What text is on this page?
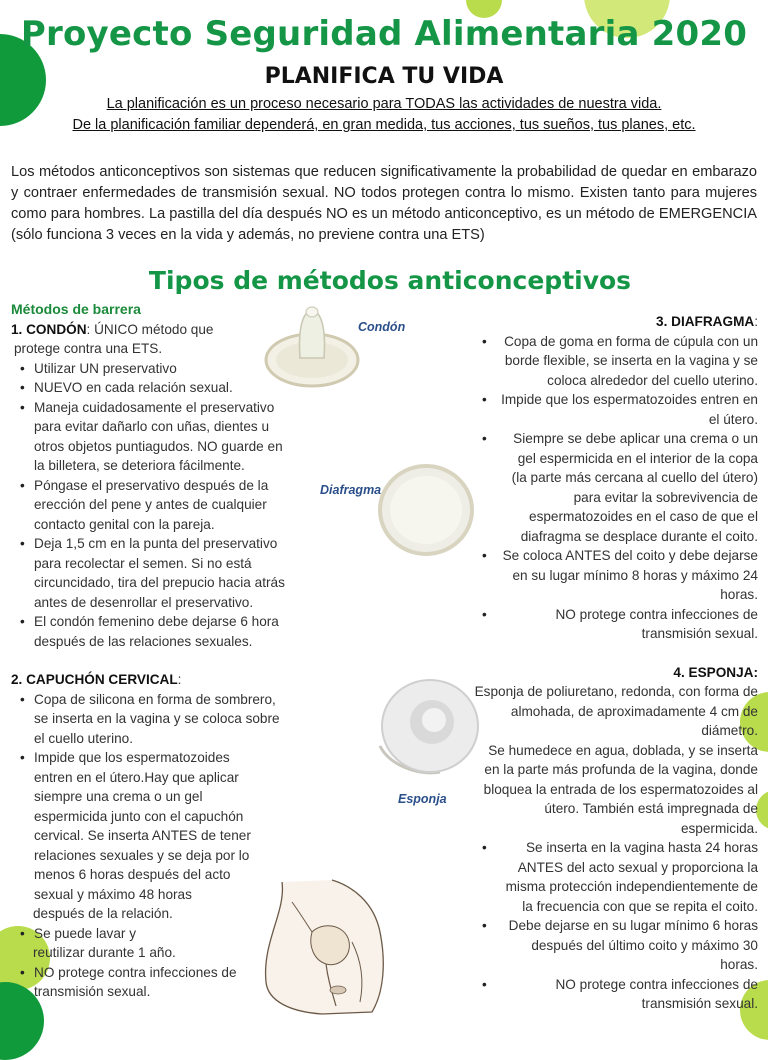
Proyecto Seguridad Alimentaria 2020
PLANIFICA TU VIDA
La planificación es un proceso necesario para TODAS las actividades de nuestra vida.
De la planificación familiar dependerá, en gran medida, tus acciones, tus sueños, tus planes, etc.
Los métodos anticonceptivos son sistemas que reducen significativamente la probabilidad de quedar en embarazo y contraer enfermedades de transmisión sexual. NO todos protegen contra lo mismo. Existen tanto para mujeres como para hombres. La pastilla del día después NO es un método anticonceptivo, es un método de EMERGENCIA (sólo funciona 3 veces en la vida y además, no previene contra una ETS)
Tipos de métodos anticonceptivos
Métodos de barrera
1. CONDÓN: ÚNICO método que
protege contra una ETS.
• Utilizar UN preservativo
• NUEVO en cada relación sexual.
• Maneja cuidadosamente el preservativo para evitar dañarlo con uñas, dientes u otros objetos puntiagudos. NO guarde en la billetera, se deteriora fácilmente.
• Póngase el preservativo después de la erección del pene y antes de cualquier contacto genital con la pareja.
• Deja 1,5 cm en la punta del preservativo para recolectar el semen. Si no está circuncidado, tira del prepucio hacia atrás antes de desenrollar el preservativo.
• El condón femenino debe dejarse 6 hora después de las relaciones sexuales.
2. CAPUCHÓN CERVICAL:
• Copa de silicona en forma de sombrero, se inserta en la vagina y se coloca sobre el cuello uterino.
• Impide que los espermatozoides entren en el útero.Hay que aplicar siempre una crema o un gel espermicida junto con el capuchón cervical. Se inserta ANTES de tener relaciones sexuales y se deja por lo menos 6 horas después del acto sexual y máximo 48 horas
después de la relación.
• Se puede lavar y
reutilizar durante 1 año.
• NO protege contra infecciones de transmisión sexual.
Condón
Diafragma
Esponja
3. DIAFRAGMA:
• Copa de goma en forma de cúpula con un borde flexible, se inserta en la vagina y se coloca alrededor del cuello uterino.
• Impide que los espermatozoides entren en el útero.
• Siempre se debe aplicar una crema o un gel espermicida en el interior de la copa (la parte más cercana al cuello del útero) para evitar la sobrevivencia de espermatozoides en el caso de que el diafragma se desplace durante el coito.
• Se coloca ANTES del coito y debe dejarse en su lugar mínimo 8 horas y máximo 24 horas.
• NO protege contra infecciones de transmisión sexual.
4. ESPONJA:
Esponja de poliuretano, redonda, con forma de almohada, de aproximadamente 4 cm de diámetro.
Se humedece en agua, doblada, y se inserta en la parte más profunda de la vagina, donde bloquea la entrada de los espermatozoides al útero. También está impregnada de espermicida.
• Se inserta en la vagina hasta 24 horas ANTES del acto sexual y proporciona la misma protección independientemente de la frecuencia con que se repita el coito.
• Debe dejarse en su lugar mínimo 6 horas después del último coito y máximo 30 horas.
• NO protege contra infecciones de transmisión sexual.
